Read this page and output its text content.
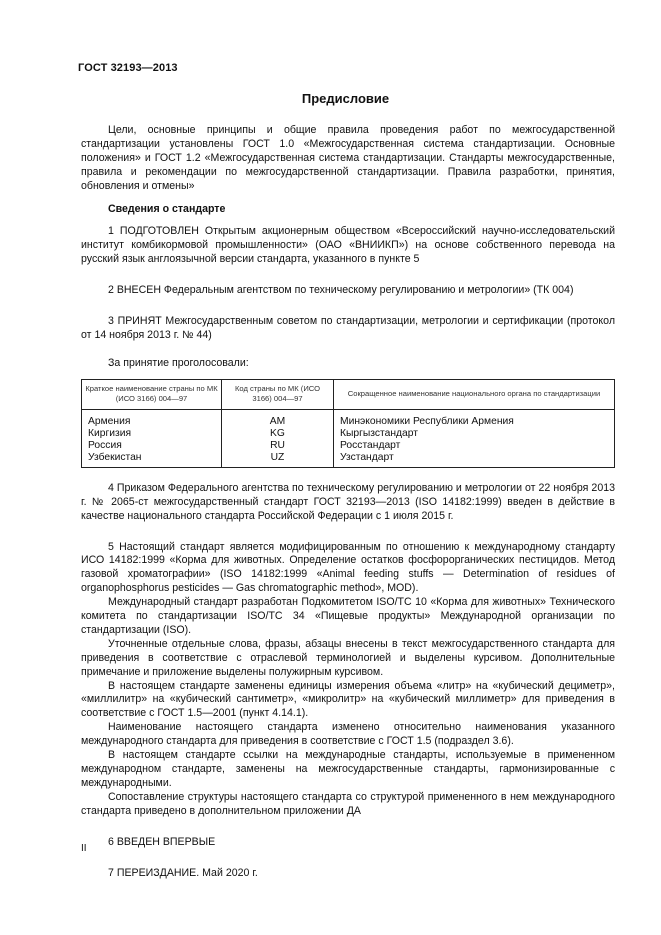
ГОСТ 32193—2013
Предисловие

Цели, основные принципы и общие правила проведения работ по межгосударственной стандартизации установлены ГОСТ 1.0 «Межгосударственная система стандартизации. Основные положения» и ГОСТ 1.2 «Межгосударственная система стандартизации. Стандарты межгосударственные, правила и рекомендации по межгосударственной стандартизации. Правила разработки, принятия, обновления и отмены»

Сведения о стандарте

1 ПОДГОТОВЛЕН Открытым акционерным обществом «Всероссийский научно-исследовательский институт комбикормовой промышленности» (ОАО «ВНИИКП») на основе собственного перевода на русский язык англоязычной версии стандарта, указанного в пункте 5

2 ВНЕСЕН Федеральным агентством по техническому регулированию и метрологии» (ТК 004)

3 ПРИНЯТ Межгосударственным советом по стандартизации, метрологии и сертификации (протокол от 14 ноября 2013 г. № 44)

За принятие проголосовали:

Краткое наименование страны по МК (ИСО 3166) 004—97	Код страны по МК (ИСО 3166) 004—97	Сокращенное наименование национального органа по стандартизации
Армения	AM	Минэкономики Республики Армения
Киргизия	KG	Кыргызстандарт
Россия	RU	Росстандарт
Узбекистан	UZ	Узстандарт

4 Приказом Федерального агентства по техническому регулированию и метрологии от 22 ноября 2013 г. № 2065-ст межгосударственный стандарт ГОСТ 32193—2013 (ISO 14182:1999) введен в действие в качестве национального стандарта Российской Федерации с 1 июля 2015 г.

5 Настоящий стандарт является модифицированным по отношению к международному стандарту ИСО 14182:1999 «Корма для животных. Определение остатков фосфорорганических пестицидов. Метод газовой хроматографии» (ISO 14182:1999 «Animal feeding stuffs — Determination of residues of organophosphorus pesticides — Gas chromatographic method», MOD).

Международный стандарт разработан Подкомитетом ISO/TC 10 «Корма для животных» Технического комитета по стандартизации ISO/TC 34 «Пищевые продукты» Международной организации по стандартизации (ISO).

Уточненные отдельные слова, фразы, абзацы внесены в текст межгосударственного стандарта для приведения в соответствие с отраслевой терминологией и выделены курсивом. Дополнительные примечание и приложение выделены полужирным курсивом.

В настоящем стандарте заменены единицы измерения объема «литр» на «кубический дециметр», «миллилитр» на «кубический сантиметр», «микролитр» на «кубический миллиметр» для приведения в соответствие с ГОСТ 1.5—2001 (пункт 4.14.1).

Наименование настоящего стандарта изменено относительно наименования указанного международного стандарта для приведения в соответствие с ГОСТ 1.5 (подраздел 3.6).

В настоящем стандарте ссылки на международные стандарты, используемые в примененном международном стандарте, заменены на межгосударственные стандарты, гармонизированные с международными.

Сопоставление структуры настоящего стандарта со структурой примененного в нем международного стандарта приведено в дополнительном приложении ДА

6 ВВЕДЕН ВПЕРВЫЕ

7 ПЕРЕИЗДАНИЕ. Май 2020 г.

II
